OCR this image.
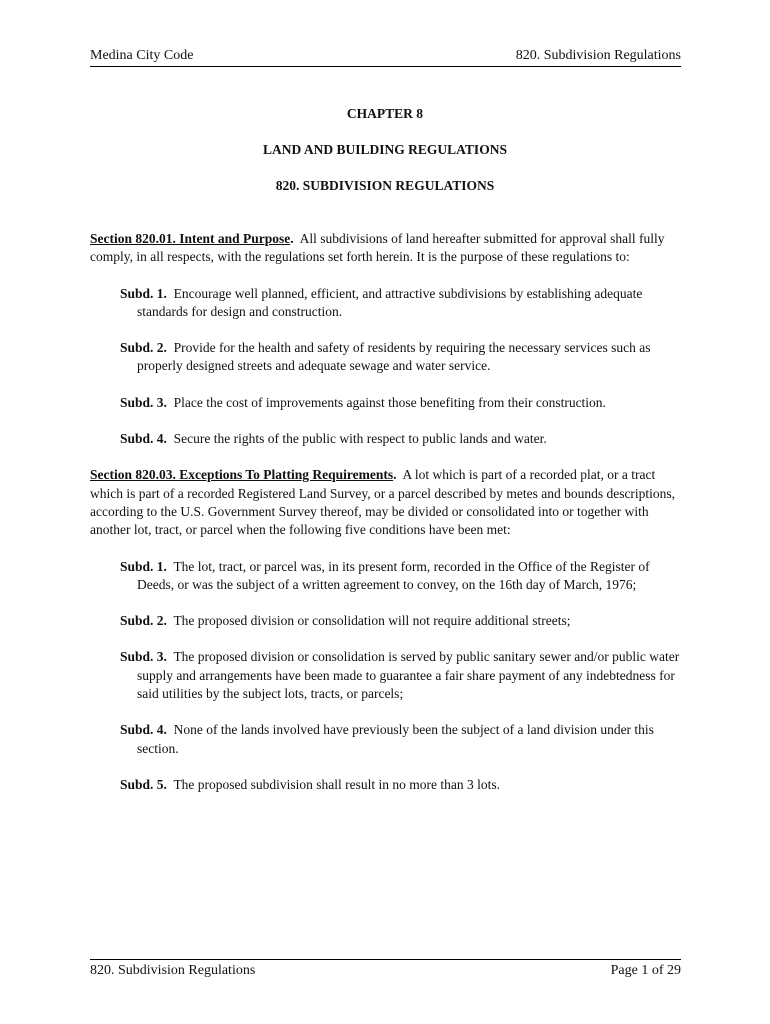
Medina City Code	820. Subdivision Regulations
CHAPTER 8
LAND AND BUILDING REGULATIONS
820. SUBDIVISION REGULATIONS

Section 820.01. Intent and Purpose. All subdivisions of land hereafter submitted for approval shall fully comply, in all respects, with the regulations set forth herein. It is the purpose of these regulations to:

Subd. 1. Encourage well planned, efficient, and attractive subdivisions by establishing adequate standards for design and construction.

Subd. 2. Provide for the health and safety of residents by requiring the necessary services such as properly designed streets and adequate sewage and water service.

Subd. 3. Place the cost of improvements against those benefiting from their construction.

Subd. 4. Secure the rights of the public with respect to public lands and water.

Section 820.03. Exceptions To Platting Requirements. A lot which is part of a recorded plat, or a tract which is part of a recorded Registered Land Survey, or a parcel described by metes and bounds descriptions, according to the U.S. Government Survey thereof, may be divided or consolidated into or together with another lot, tract, or parcel when the following five conditions have been met:

Subd. 1. The lot, tract, or parcel was, in its present form, recorded in the Office of the Register of Deeds, or was the subject of a written agreement to convey, on the 16th day of March, 1976;

Subd. 2. The proposed division or consolidation will not require additional streets;

Subd. 3. The proposed division or consolidation is served by public sanitary sewer and/or public water supply and arrangements have been made to guarantee a fair share payment of any indebtedness for said utilities by the subject lots, tracts, or parcels;

Subd. 4. None of the lands involved have previously been the subject of a land division under this section.

Subd. 5. The proposed subdivision shall result in no more than 3 lots.

820. Subdivision Regulations	Page 1 of 29
